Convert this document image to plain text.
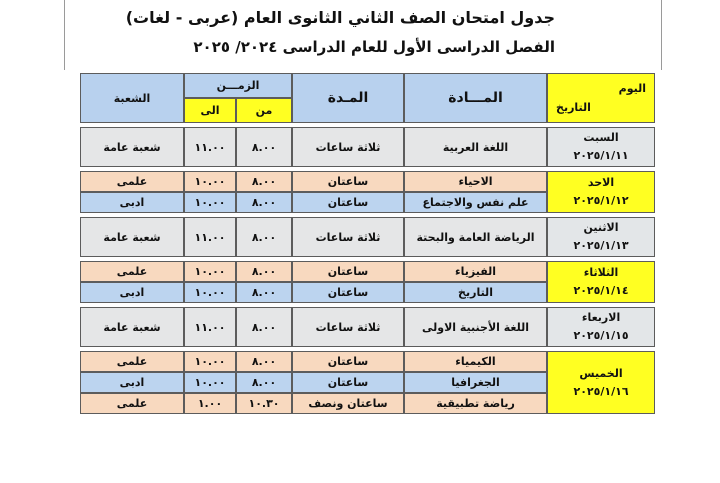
جدول امتحان الصف الثاني الثانوى العام (عربى - لغات)
الفصل الدراسى الأول للعام الدراسى ٢٠٢٤/ ٢٠٢٥
التاريخ
اليوم	المـــادة	المـدة	الزمـــن		الشعبة
			من	الى	

السبت
٢٠٢٥/١/١١	اللغة العربية	ثلاثة ساعات	٨.٠٠	١١.٠٠	شعبة عامة

الاحد
٢٠٢٥/١/١٢	الاحياء	ساعتان	٨.٠٠	١٠.٠٠	علمى
	علم نفس والاجتماع	ساعتان	٨.٠٠	١٠.٠٠	ادبى

الاثنين
٢٠٢٥/١/١٣	الرياضة العامة والبحتة	ثلاثة ساعات	٨.٠٠	١١.٠٠	شعبة عامة

الثلاثاء
٢٠٢٥/١/١٤	الفيزياء	ساعتان	٨.٠٠	١٠.٠٠	علمى
	التاريخ	ساعتان	٨.٠٠	١٠.٠٠	ادبى

الاربعاء
٢٠٢٥/١/١٥	اللغة الأجنبية الاولى	ثلاثة ساعات	٨.٠٠	١١.٠٠	شعبة عامة

الخميس
٢٠٢٥/١/١٦	الكيمياء	ساعتان	٨.٠٠	١٠.٠٠	علمى
	الجغرافيا	ساعتان	٨.٠٠	١٠.٠٠	ادبى
	رياضة تطبيقية	ساعتان ونصف	١٠.٣٠	١.٠٠	علمى
